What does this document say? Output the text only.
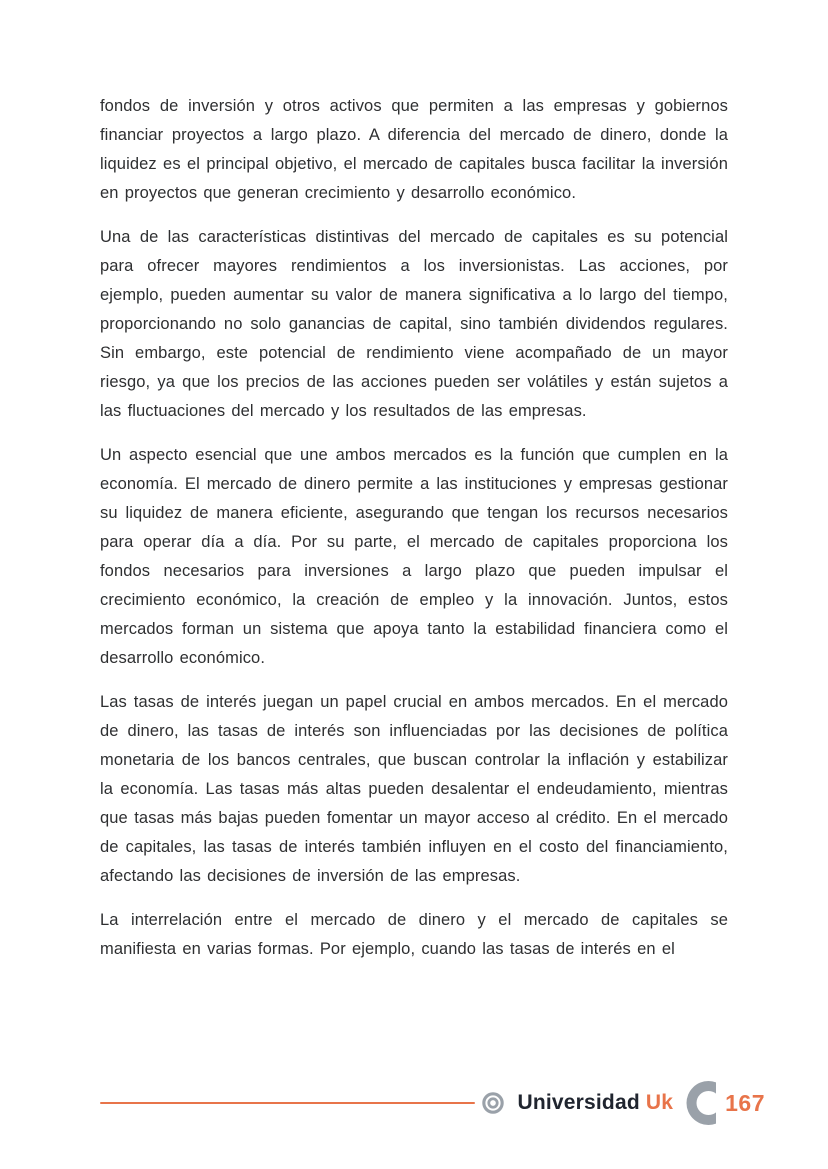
fondos de inversión y otros activos que permiten a las empresas y gobiernos financiar proyectos a largo plazo. A diferencia del mercado de dinero, donde la liquidez es el principal objetivo, el mercado de capitales busca facilitar la inversión en proyectos que generan crecimiento y desarrollo económico.

Una de las características distintivas del mercado de capitales es su potencial para ofrecer mayores rendimientos a los inversionistas. Las acciones, por ejemplo, pueden aumentar su valor de manera significativa a lo largo del tiempo, proporcionando no solo ganancias de capital, sino también dividendos regulares. Sin embargo, este potencial de rendimiento viene acompañado de un mayor riesgo, ya que los precios de las acciones pueden ser volátiles y están sujetos a las fluctuaciones del mercado y los resultados de las empresas.

Un aspecto esencial que une ambos mercados es la función que cumplen en la economía. El mercado de dinero permite a las instituciones y empresas gestionar su liquidez de manera eficiente, asegurando que tengan los recursos necesarios para operar día a día. Por su parte, el mercado de capitales proporciona los fondos necesarios para inversiones a largo plazo que pueden impulsar el crecimiento económico, la creación de empleo y la innovación. Juntos, estos mercados forman un sistema que apoya tanto la estabilidad financiera como el desarrollo económico.

Las tasas de interés juegan un papel crucial en ambos mercados. En el mercado de dinero, las tasas de interés son influenciadas por las decisiones de política monetaria de los bancos centrales, que buscan controlar la inflación y estabilizar la economía. Las tasas más altas pueden desalentar el endeudamiento, mientras que tasas más bajas pueden fomentar un mayor acceso al crédito. En el mercado de capitales, las tasas de interés también influyen en el costo del financiamiento, afectando las decisiones de inversión de las empresas.

La interrelación entre el mercado de dinero y el mercado de capitales se manifiesta en varias formas. Por ejemplo, cuando las tasas de interés en el

Universidad Uk 167
